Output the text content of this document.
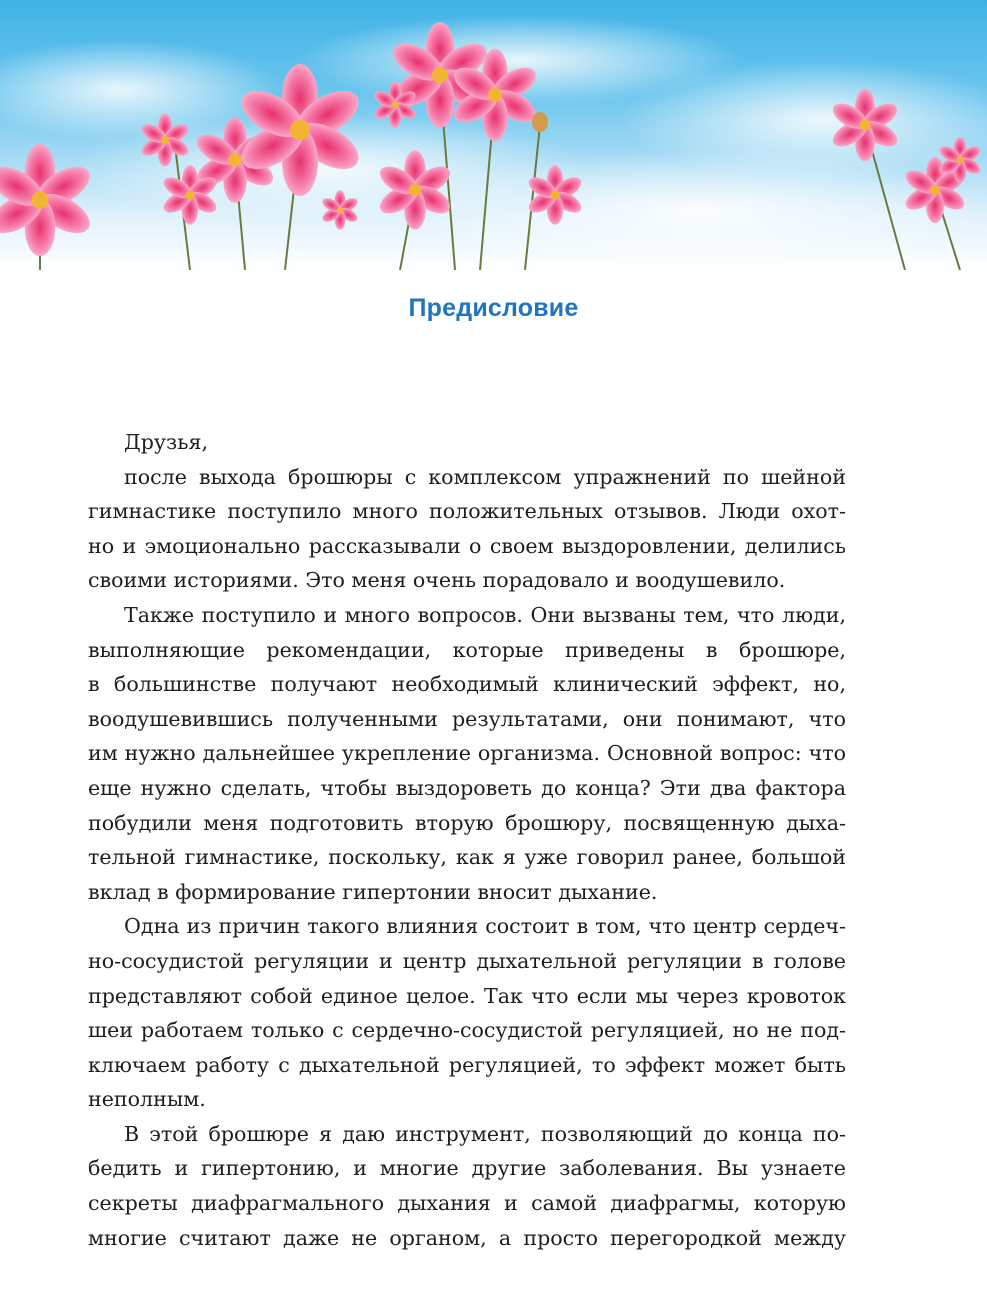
Предисловие

Друзья,

после выхода брошюры с комплексом упражнений по шейной

гимнастике поступило много положительных отзывов. Люди охот-

но и эмоционально рассказывали о своем выздоровлении, делились

своими историями. Это меня очень порадовало и воодушевило.

Также поступило и много вопросов. Они вызваны тем, что люди,

выполняющие рекомендации, которые приведены в брошюре,

в большинстве получают необходимый клинический эффект, но,

воодушевившись полученными результатами, они понимают, что

им нужно дальнейшее укрепление организма. Основной вопрос: что

еще нужно сделать, чтобы выздороветь до конца? Эти два фактора

побудили меня подготовить вторую брошюру, посвященную дыха-

тельной гимнастике, поскольку, как я уже говорил ранее, большой

вклад в формирование гипертонии вносит дыхание.

Одна из причин такого влияния состоит в том, что центр сердеч-

но-сосудистой регуляции и центр дыхательной регуляции в голове

представляют собой единое целое. Так что если мы через кровоток

шеи работаем только с сердечно-сосудистой регуляцией, но не под-

ключаем работу с дыхательной регуляцией, то эффект может быть

неполным.

В этой брошюре я даю инструмент, позволяющий до конца по-

бедить и гипертонию, и многие другие заболевания. Вы узнаете

секреты диафрагмального дыхания и самой диафрагмы, которую

многие считают даже не органом, а просто перегородкой между
